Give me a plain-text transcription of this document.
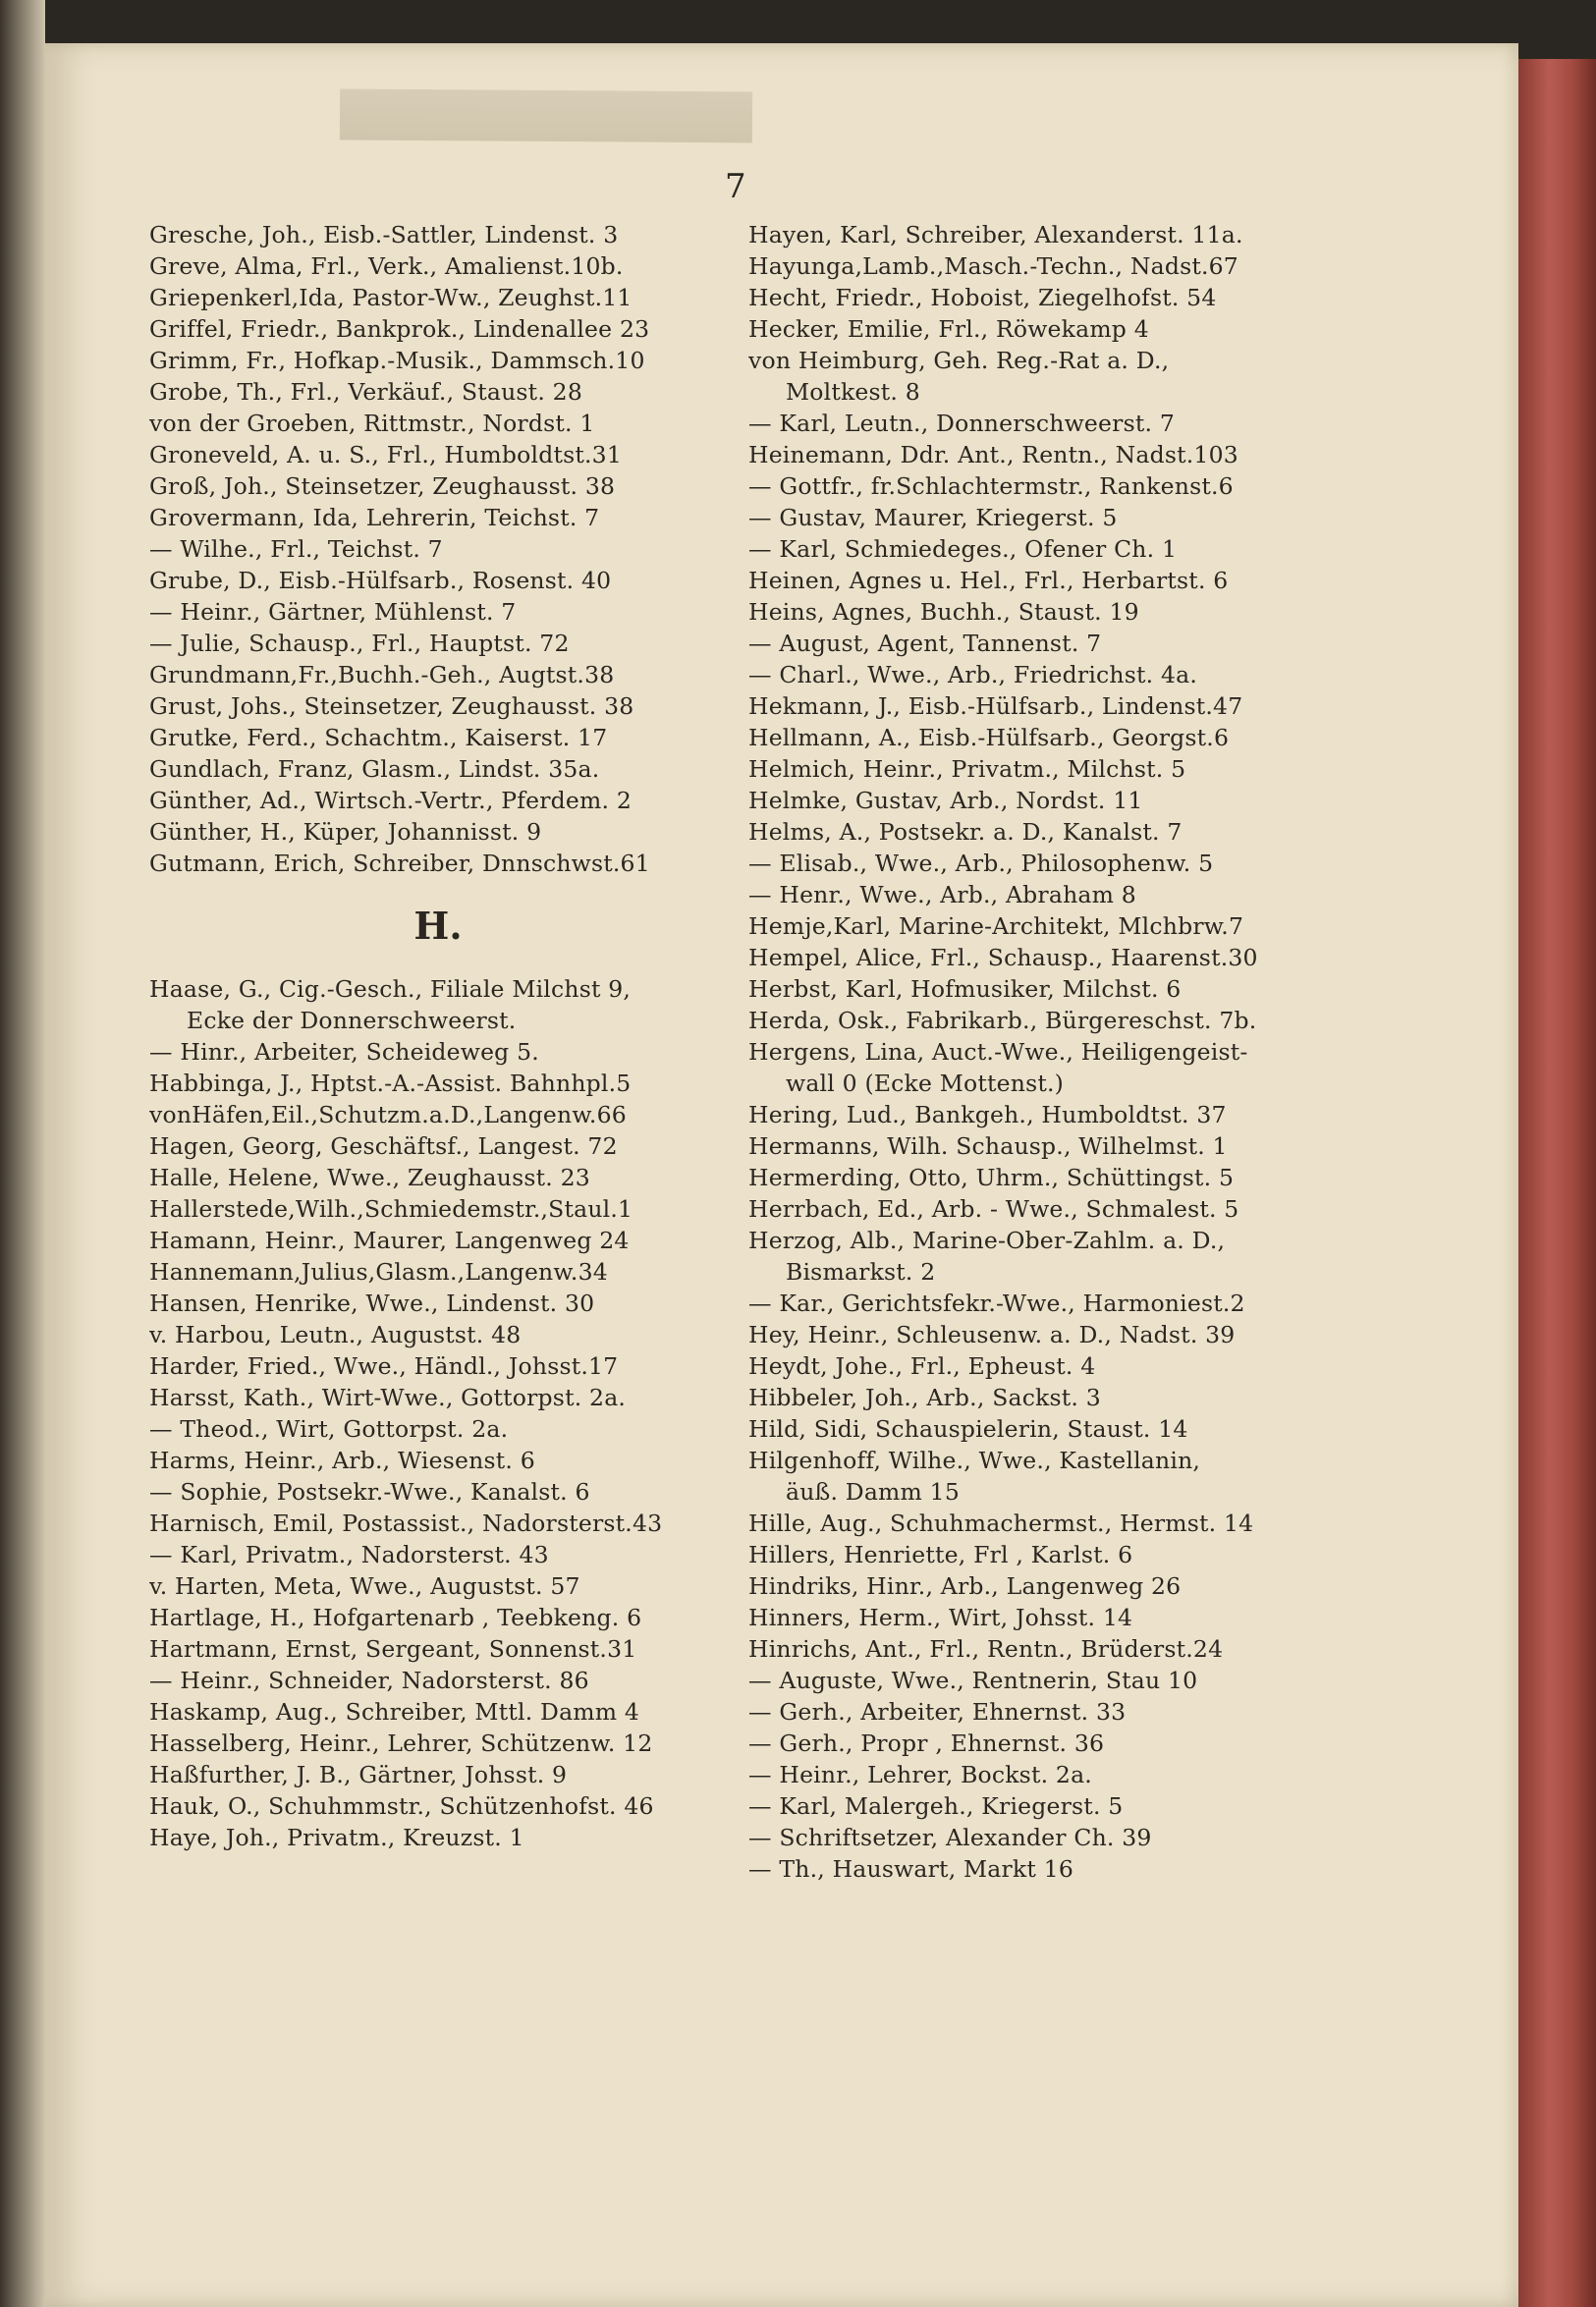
7
Gresche, Joh., Eisb.-Sattler, Lindenst. 3
Greve, Alma, Frl., Verk., Amalienst.10b.
Griepenkerl,Ida, Pastor-Ww., Zeughst.11
Griffel, Friedr., Bankprok., Lindenallee 23
Grimm, Fr., Hofkap.-Musik., Dammsch.10
Grobe, Th., Frl., Verkäuf., Staust. 28
von der Groeben, Rittmstr., Nordst. 1
Groneveld, A. u. S., Frl., Humboldtst.31
Groß, Joh., Steinsetzer, Zeughausst. 38
Grovermann, Ida, Lehrerin, Teichst. 7
— Wilhe., Frl., Teichst. 7
Grube, D., Eisb.-Hülfsarb., Rosenst. 40
— Heinr., Gärtner, Mühlenst. 7
— Julie, Schausp., Frl., Hauptst. 72
Grundmann,Fr.,Buchh.-Geh., Augtst.38
Grust, Johs., Steinsetzer, Zeughausst. 38
Grutke, Ferd., Schachtm., Kaiserst. 17
Gundlach, Franz, Glasm., Lindst. 35a.
Günther, Ad., Wirtsch.-Vertr., Pferdem. 2
Günther, H., Küper, Johannisst. 9
Gutmann, Erich, Schreiber, Dnnschwst.61
H.
Haase, G., Cig.-Gesch., Filiale Milchst 9,
Ecke der Donnerschweerst.
— Hinr., Arbeiter, Scheideweg 5.
Habbinga, J., Hptst.-A.-Assist. Bahnhpl.5
vonHäfen,Eil.,Schutzm.a.D.,Langenw.66
Hagen, Georg, Geschäftsf., Langest. 72
Halle, Helene, Wwe., Zeughausst. 23
Hallerstede,Wilh.,Schmiedemstr.,Staul.1
Hamann, Heinr., Maurer, Langenweg 24
Hannemann,Julius,Glasm.,Langenw.34
Hansen, Henrike, Wwe., Lindenst. 30
v. Harbou, Leutn., Augustst. 48
Harder, Fried., Wwe., Händl., Johsst.17
Harsst, Kath., Wirt-Wwe., Gottorpst. 2a.
— Theod., Wirt, Gottorpst. 2a.
Harms, Heinr., Arb., Wiesenst. 6
— Sophie, Postsekr.-Wwe., Kanalst. 6
Harnisch, Emil, Postassist., Nadorsterst.43
— Karl, Privatm., Nadorsterst. 43
v. Harten, Meta, Wwe., Augustst. 57
Hartlage, H., Hofgartenarb , Teebkeng. 6
Hartmann, Ernst, Sergeant, Sonnenst.31
— Heinr., Schneider, Nadorsterst. 86
Haskamp, Aug., Schreiber, Mttl. Damm 4
Hasselberg, Heinr., Lehrer, Schützenw. 12
Haßfurther, J. B., Gärtner, Johsst. 9
Hauk, O., Schuhmmstr., Schützenhofst. 46
Haye, Joh., Privatm., Kreuzst. 1
Hayen, Karl, Schreiber, Alexanderst. 11a.
Hayunga,Lamb.,Masch.-Techn., Nadst.67
Hecht, Friedr., Hoboist, Ziegelhofst. 54
Hecker, Emilie, Frl., Röwekamp 4
von Heimburg, Geh. Reg.-Rat a. D.,
Moltkest. 8
— Karl, Leutn., Donnerschweerst. 7
Heinemann, Ddr. Ant., Rentn., Nadst.103
— Gottfr., fr.Schlachtermstr., Rankenst.6
— Gustav, Maurer, Kriegerst. 5
— Karl, Schmiedeges., Ofener Ch. 1
Heinen, Agnes u. Hel., Frl., Herbartst. 6
Heins, Agnes, Buchh., Staust. 19
— August, Agent, Tannenst. 7
— Charl., Wwe., Arb., Friedrichst. 4a.
Hekmann, J., Eisb.-Hülfsarb., Lindenst.47
Hellmann, A., Eisb.-Hülfsarb., Georgst.6
Helmich, Heinr., Privatm., Milchst. 5
Helmke, Gustav, Arb., Nordst. 11
Helms, A., Postsekr. a. D., Kanalst. 7
— Elisab., Wwe., Arb., Philosophenw. 5
— Henr., Wwe., Arb., Abraham 8
Hemje,Karl, Marine-Architekt, Mlchbrw.7
Hempel, Alice, Frl., Schausp., Haarenst.30
Herbst, Karl, Hofmusiker, Milchst. 6
Herda, Osk., Fabrikarb., Bürgereschst. 7b.
Hergens, Lina, Auct.-Wwe., Heiligengeist-
wall 0 (Ecke Mottenst.)
Hering, Lud., Bankgeh., Humboldtst. 37
Hermanns, Wilh. Schausp., Wilhelmst. 1
Hermerding, Otto, Uhrm., Schüttingst. 5
Herrbach, Ed., Arb. - Wwe., Schmalest. 5
Herzog, Alb., Marine-Ober-Zahlm. a. D.,
Bismarkst. 2
— Kar., Gerichtsfekr.-Wwe., Harmoniest.2
Hey, Heinr., Schleusenw. a. D., Nadst. 39
Heydt, Johe., Frl., Epheust. 4
Hibbeler, Joh., Arb., Sackst. 3
Hild, Sidi, Schauspielerin, Staust. 14
Hilgenhoff, Wilhe., Wwe., Kastellanin,
äuß. Damm 15
Hille, Aug., Schuhmachermst., Hermst. 14
Hillers, Henriette, Frl , Karlst. 6
Hindriks, Hinr., Arb., Langenweg 26
Hinners, Herm., Wirt, Johsst. 14
Hinrichs, Ant., Frl., Rentn., Brüderst.24
— Auguste, Wwe., Rentnerin, Stau 10
— Gerh., Arbeiter, Ehnernst. 33
— Gerh., Propr , Ehnernst. 36
— Heinr., Lehrer, Bockst. 2a.
— Karl, Malergeh., Kriegerst. 5
— Schriftsetzer, Alexander Ch. 39
— Th., Hauswart, Markt 16
